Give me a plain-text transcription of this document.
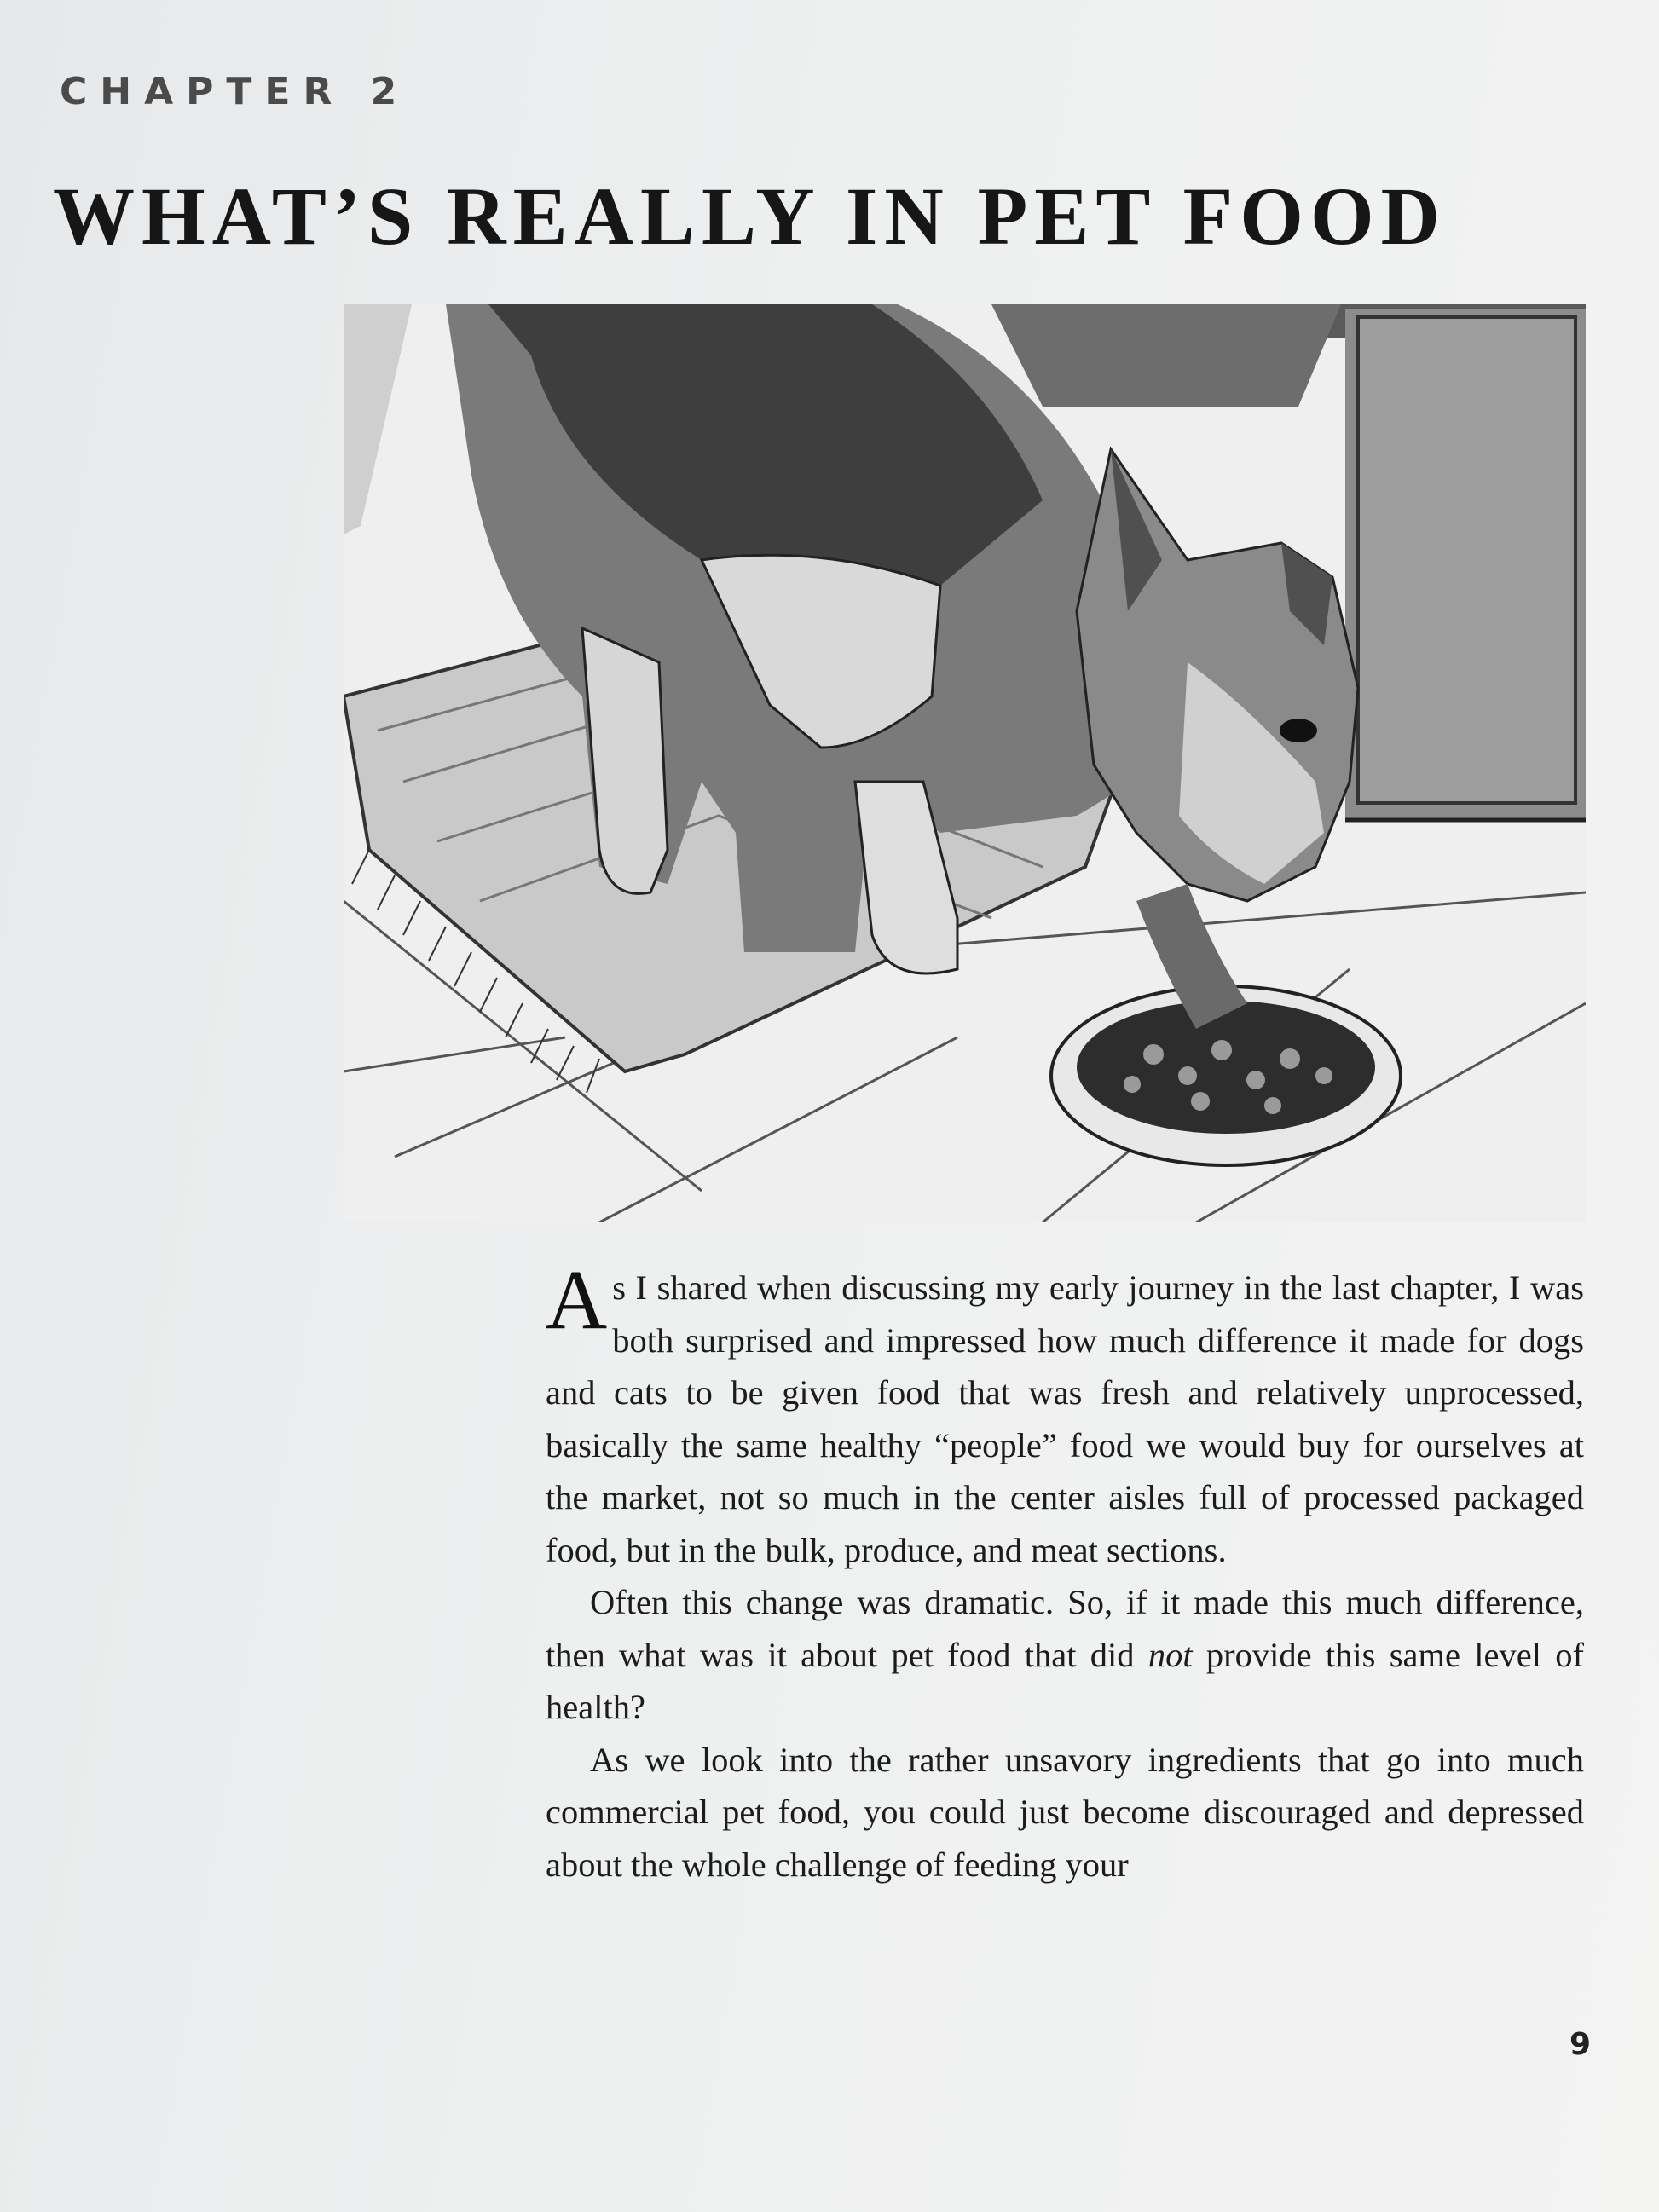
CHAPTER 2
WHAT’S REALLY IN PET FOOD

As I shared when discussing my early journey in the last chapter, I was both surprised and impressed how much difference it made for dogs and cats to be given food that was fresh and relatively unprocessed, basically the same healthy “people” food we would buy for ourselves at the market, not so much in the center aisles full of processed packaged food, but in the bulk, produce, and meat sections.

Often this change was dramatic. So, if it made this much difference, then what was it about pet food that did not provide this same level of health?

As we look into the rather unsavory ingredients that go into much commercial pet food, you could just become discouraged and depressed about the whole challenge of feeding your

9
